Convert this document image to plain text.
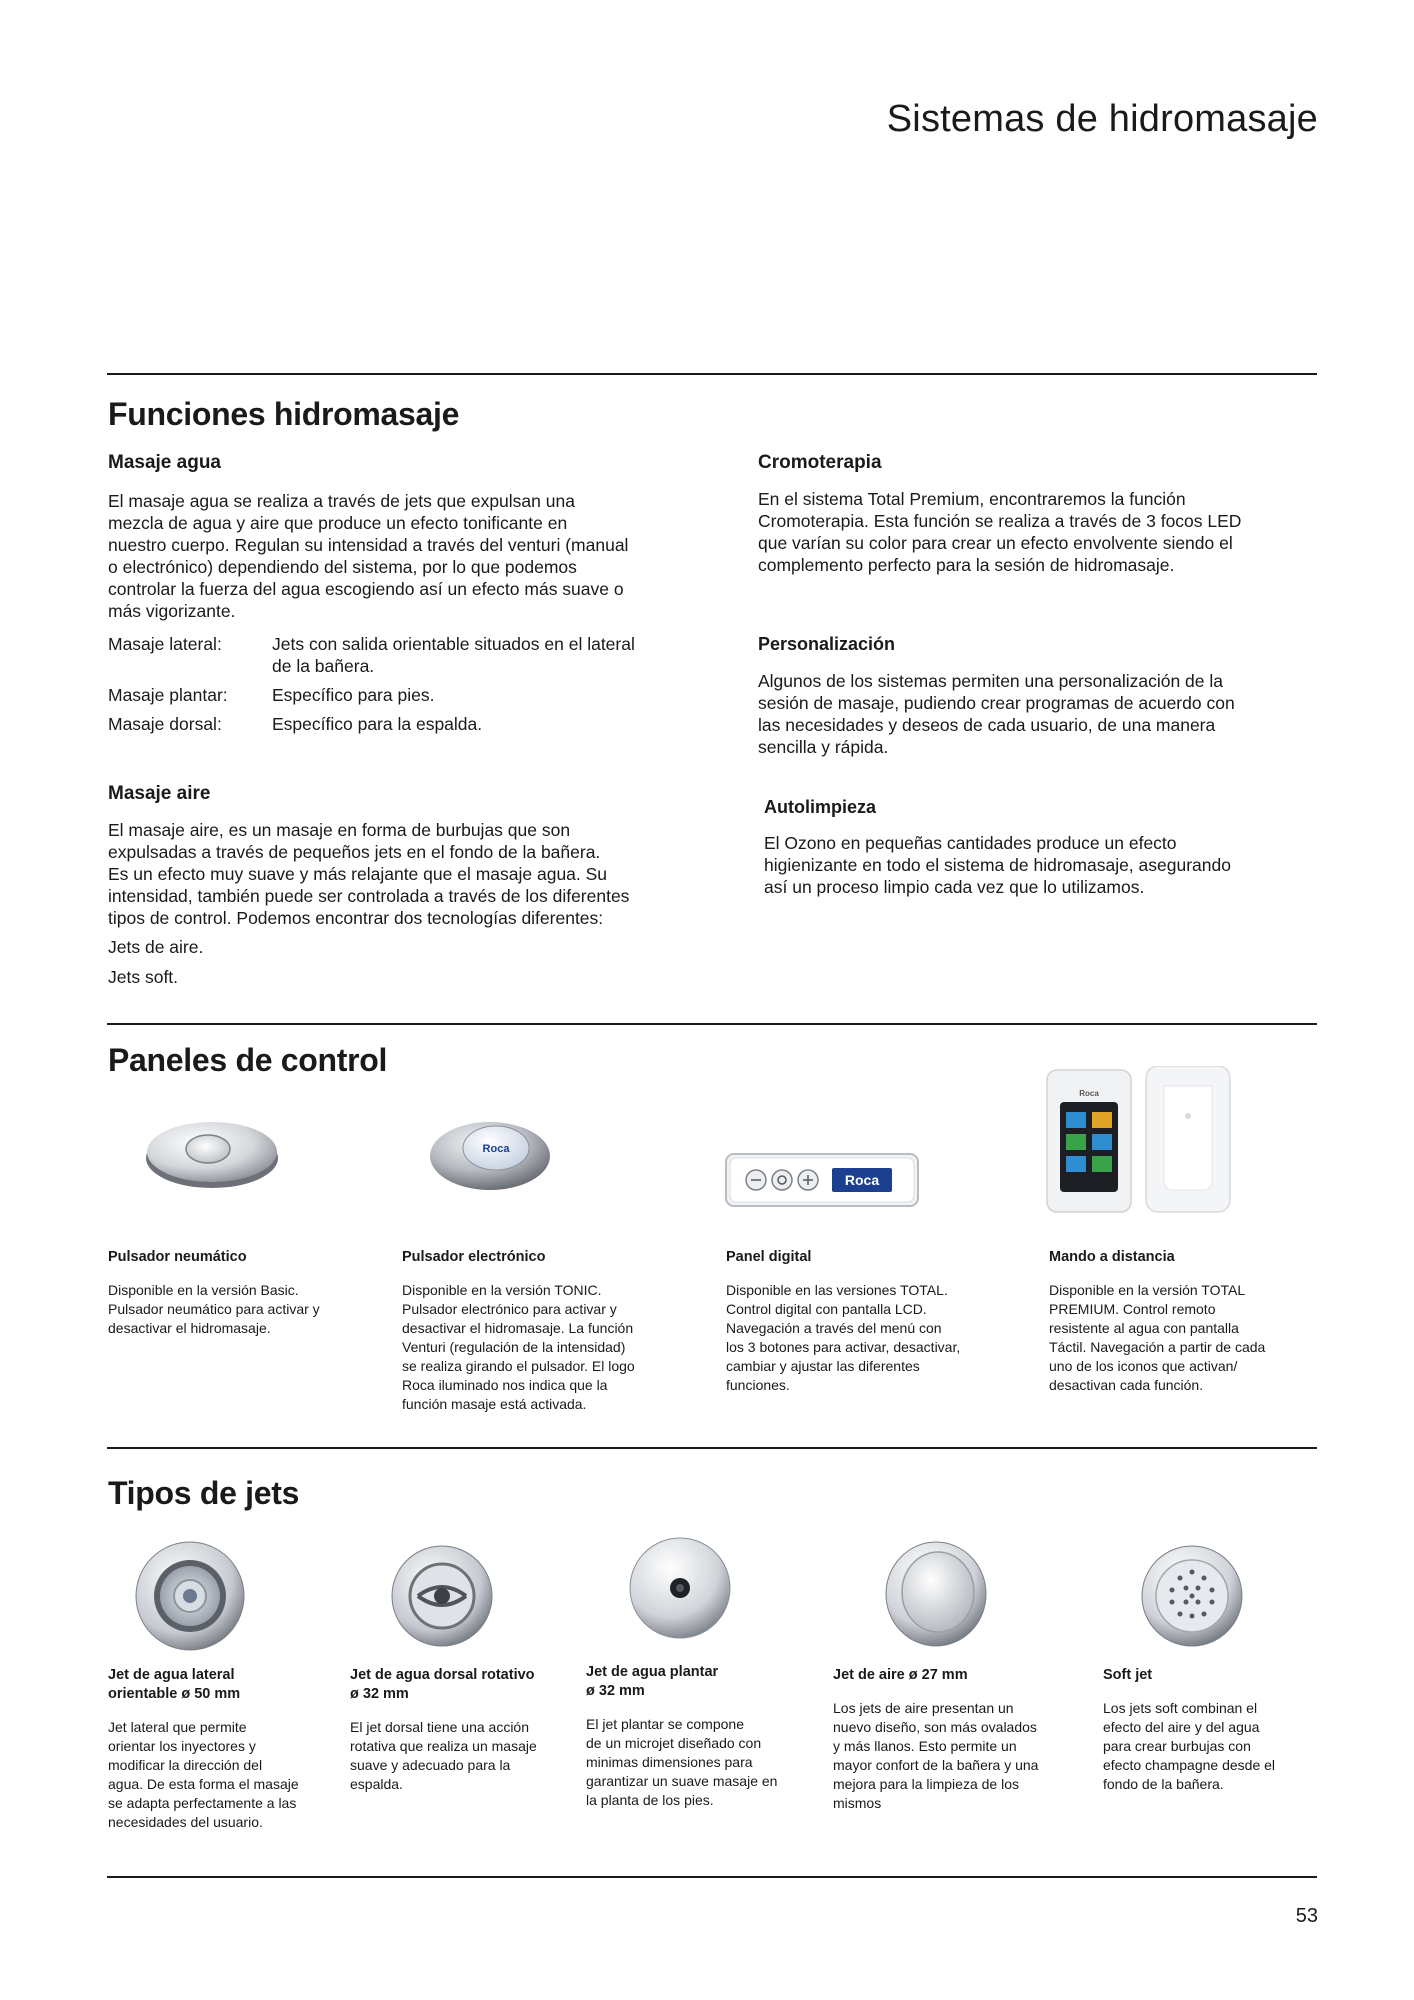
Sistemas de hidromasaje
Funciones hidromasaje
Masaje agua
El masaje agua se realiza a través de jets que expulsan una
mezcla de agua y aire que produce un efecto tonificante en
nuestro cuerpo. Regulan su intensidad a través del venturi (manual
o electrónico) dependiendo del sistema, por lo que podemos
controlar la fuerza del agua escogiendo así un efecto más suave o
más vigorizante.
Masaje lateral:	Jets con salida orientable situados en el lateral
de la bañera.
Masaje plantar:	Específico para pies.
Masaje dorsal:	Específico para la espalda.
Masaje aire
El masaje aire, es un masaje en forma de burbujas que son
expulsadas a través de pequeños jets en el fondo de la bañera.
Es un efecto muy suave y más relajante que el masaje agua. Su
intensidad, también puede ser controlada a través de los diferentes
tipos de control. Podemos encontrar dos tecnologías diferentes:
Jets de aire.
Jets soft.
Cromoterapia
En el sistema Total Premium, encontraremos la función
Cromoterapia. Esta función se realiza a través de 3 focos LED
que varían su color para crear un efecto envolvente siendo el
complemento perfecto para la sesión de hidromasaje.
Personalización
Algunos de los sistemas permiten una personalización de la
sesión de masaje, pudiendo crear programas de acuerdo con
las necesidades y deseos de cada usuario, de una manera
sencilla y rápida.
Autolimpieza
El Ozono en pequeñas cantidades produce un efecto
higienizante en todo el sistema de hidromasaje, asegurando
así un proceso limpio cada vez que lo utilizamos.
Paneles de control
Roca
Roca
Roca
Pulsador neumático
Disponible en la versión Basic.
Pulsador neumático para activar y
desactivar el hidromasaje.
Pulsador electrónico
Disponible en la versión TONIC.
Pulsador electrónico para activar y
desactivar el hidromasaje. La función
Venturi (regulación de la intensidad)
se realiza girando el pulsador. El logo
Roca iluminado nos indica que la
función masaje está activada.
Panel digital
Disponible en las versiones TOTAL.
Control digital con pantalla LCD.
Navegación a través del menú con
los 3 botones para activar, desactivar,
cambiar y ajustar las diferentes
funciones.
Mando a distancia
Disponible en la versión TOTAL
PREMIUM. Control remoto
resistente al agua con pantalla
Táctil. Navegación a partir de cada
uno de los iconos que activan/
desactivan cada función.
Tipos de jets
Jet de agua lateral
orientable ø 50 mm
Jet lateral que permite
orientar los inyectores y
modificar la dirección del
agua. De esta forma el masaje
se adapta perfectamente a las
necesidades del usuario.
Jet de agua dorsal rotativo
ø 32 mm
El jet dorsal tiene una acción
rotativa que realiza un masaje
suave y adecuado para la
espalda.
Jet de agua plantar
ø 32 mm
El jet plantar se compone
de un microjet diseñado con
minimas dimensiones para
garantizar un suave masaje en
la planta de los pies.
Jet de aire ø 27 mm
Los jets de aire presentan un
nuevo diseño, son más ovalados
y más llanos. Esto permite un
mayor confort de la bañera y una
mejora para la limpieza de los
mismos
Soft jet
Los jets soft combinan el
efecto del aire y del agua
para crear burbujas con
efecto champagne desde el
fondo de la bañera.
53
